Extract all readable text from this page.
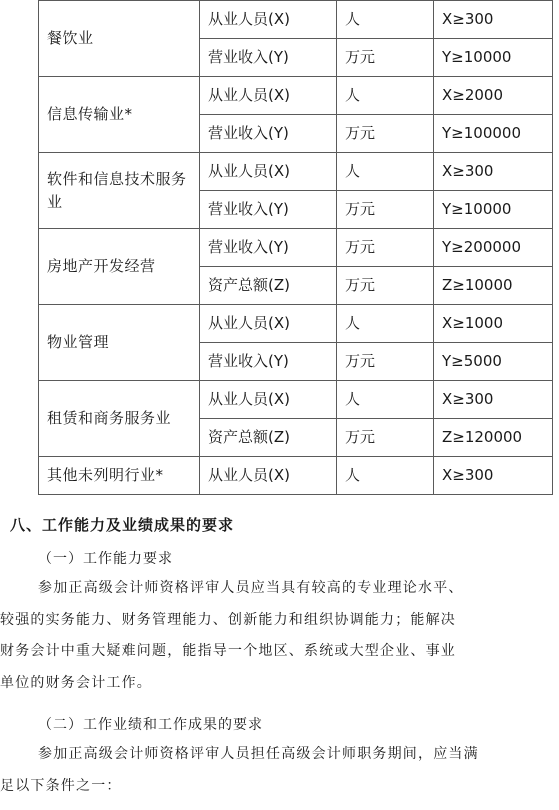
餐饮业	从业人员(X)	人	X≥300
	营业收入(Y)	万元	Y≥10000
信息传输业*	从业人员(X)	人	X≥2000
	营业收入(Y)	万元	Y≥100000
软件和信息技术服务业	从业人员(X)	人	X≥300
	营业收入(Y)	万元	Y≥10000
房地产开发经营	营业收入(Y)	万元	Y≥200000
	资产总额(Z)	万元	Z≥10000
物业管理	从业人员(X)	人	X≥1000
	营业收入(Y)	万元	Y≥5000
租赁和商务服务业	从业人员(X)	人	X≥300
	资产总额(Z)	万元	Z≥120000
其他未列明行业*	从业人员(X)	人	X≥300
八、工作能力及业绩成果的要求
（一）工作能力要求
参加正高级会计师资格评审人员应当具有较高的专业理论水平、
较强的实务能力、财务管理能力、创新能力和组织协调能力；能解决
财务会计中重大疑难问题，能指导一个地区、系统或大型企业、事业
单位的财务会计工作。
（二）工作业绩和工作成果的要求
参加正高级会计师资格评审人员担任高级会计师职务期间，应当满
足以下条件之一：
